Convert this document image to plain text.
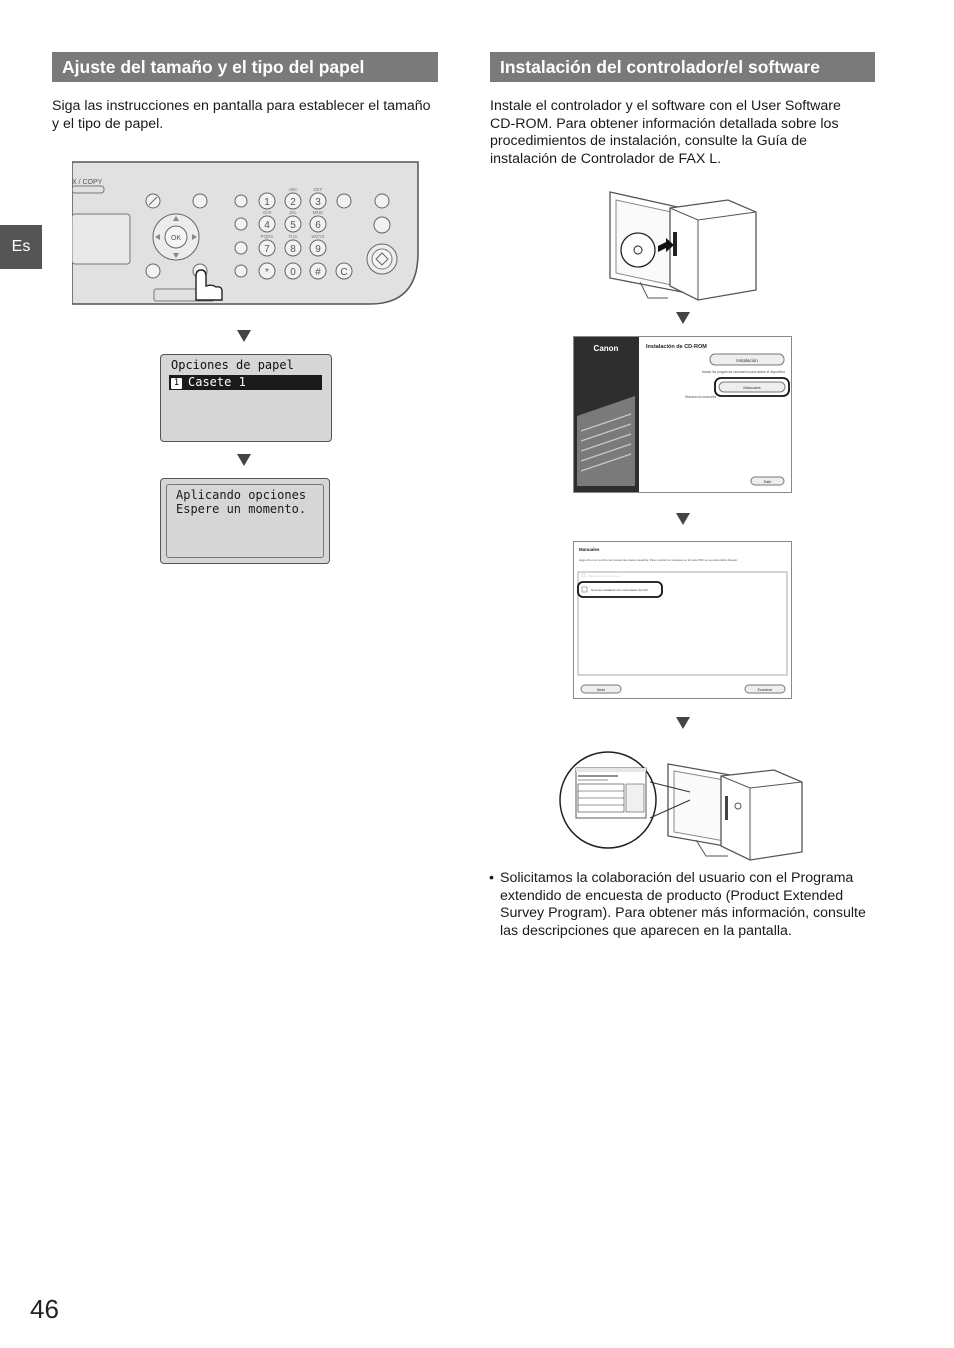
Ajuste del tamaño y el tipo del papel
Siga las instrucciones en pantalla para establecer el tamaño y el tipo de papel.
X / COPY
OK
1 2
ABC
3
DEF
4
GHI
5
JKL
6
MNO
7
PQRS
8
TUV
9
WXYZ
* 0 # C
Opciones de papel
1 Casete 1
Aplicando opciones
Espere un momento.
Instalación del controlador/el software
Instale el controlador y el software con el User Software CD-ROM. Para obtener información detallada sobre los procedimientos de instalación, consulte la Guía de instalación de Controlador de FAX L.
Canon	Instalación de CD-ROM
Instalación
Instala los programas necesarios para utilizar el dispositivo
Manuales
Muestra los manuales
Salir
Manuales
Haga clic en el nombre del manual que desee visualizar. Para mostrar los manuales en formato PDF se necesita Adobe Reader.
Manual de instrucciones
Guía de instalación de Controlador de FAX
Atrás	Examinar
• Solicitamos la colaboración del usuario con el Programa extendido de encuesta de producto (Product Extended Survey Program). Para obtener más información, consulte las descripciones que aparecen en la pantalla.
Es
46
